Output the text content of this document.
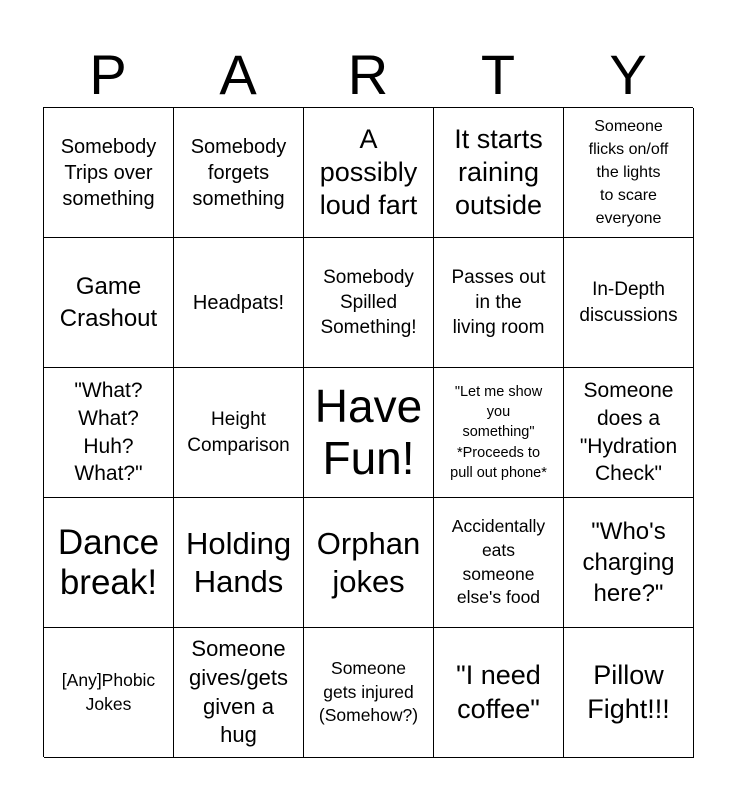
P	A	R	T	Y
Somebody
Trips over
something
Somebody
forgets
something
A
possibly
loud fart
It starts
raining
outside
Someone
flicks on/off
the lights
to scare
everyone
Game
Crashout
Headpats!
Somebody
Spilled
Something!
Passes out
in the
living room
In-Depth
discussions
"What?
What?
Huh?
What?"
Height
Comparison
Have
Fun!
"Let me show
you
something"
*Proceeds to
pull out phone*
Someone
does a
"Hydration
Check"
Dance
break!
Holding
Hands
Orphan
jokes
Accidentally
eats
someone
else's food
"Who's
charging
here?"
[Any]Phobic
Jokes
Someone
gives/gets
given a
hug
Someone
gets injured
(Somehow?)
"I need
coffee"
Pillow
Fight!!!
